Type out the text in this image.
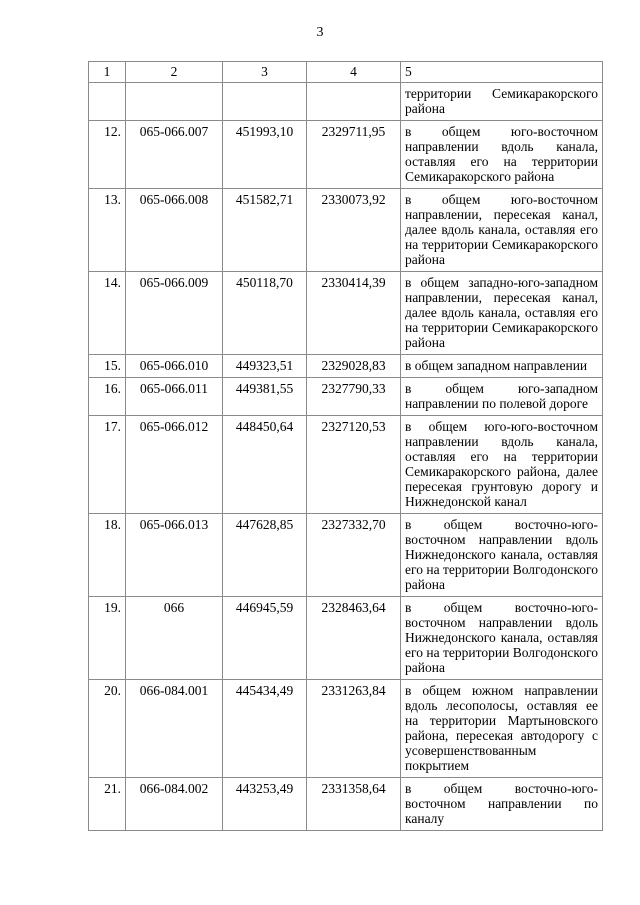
3
1	2	3	4	5
				территории Семикаракорского района
12.	065-066.007	451993,10	2329711,95	в общем юго-восточном направлении вдоль канала, оставляя его на территории Семикаракорского района
13.	065-066.008	451582,71	2330073,92	в общем юго-восточном направлении, пересекая канал, далее вдоль канала, оставляя его на территории Семикаракорского района
14.	065-066.009	450118,70	2330414,39	в общем западно-юго-западном направлении, пересекая канал, далее вдоль канала, оставляя его на территории Семикаракорского района
15.	065-066.010	449323,51	2329028,83	в общем западном направлении
16.	065-066.011	449381,55	2327790,33	в общем юго-западном направлении по полевой дороге
17.	065-066.012	448450,64	2327120,53	в общем юго-юго-восточном направлении вдоль канала, оставляя его на территории Семикаракорского района, далее пересекая грунтовую дорогу и Нижнедонской канал
18.	065-066.013	447628,85	2327332,70	в общем восточно-юго-восточном направлении вдоль Нижнедонского канала, оставляя его на территории Волгодонского района
19.	066	446945,59	2328463,64	в общем восточно-юго-восточном направлении вдоль Нижнедонского канала, оставляя его на территории Волгодонского района
20.	066-084.001	445434,49	2331263,84	в общем южном направлении вдоль лесополосы, оставляя ее на территории Мартыновского района, пересекая автодорогу с усовершенствованным покрытием
21.	066-084.002	443253,49	2331358,64	в общем восточно-юго-восточном направлении по каналу
